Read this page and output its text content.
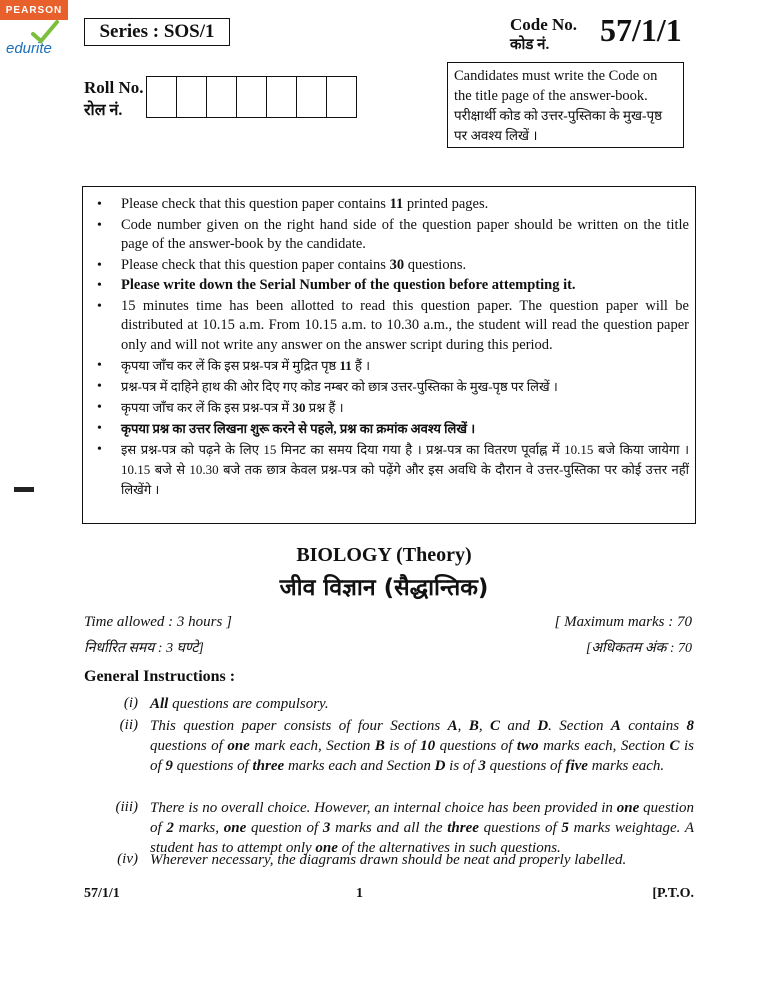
PEARSON
edurite
Series : SOS/1	Code No.
कोड नं. 57/1/1
Roll No.
रोल नं.
Candidates must write the Code on
the title page of the answer-book.
परीक्षार्थी कोड को उत्तर-पुस्तिका के मुख-पृष्ठ
पर अवश्य लिखें ।
• Please check that this question paper contains 11 printed pages.
• Code number given on the right hand side of the question paper should be written on the title page of the answer-book by the candidate.
• Please check that this question paper contains 30 questions.
• Please write down the Serial Number of the question before attempting it.
• 15 minutes time has been allotted to read this question paper. The question paper will be distributed at 10.15 a.m. From 10.15 a.m. to 10.30 a.m., the student will read the question paper only and will not write any answer on the answer script during this period.
• कृपया जाँच कर लें कि इस प्रश्न-पत्र में मुद्रित पृष्ठ 11 हैं ।
• प्रश्न-पत्र में दाहिने हाथ की ओर दिए गए कोड नम्बर को छात्र उत्तर-पुस्तिका के मुख-पृष्ठ पर लिखें ।
• कृपया जाँच कर लें कि इस प्रश्न-पत्र में 30 प्रश्न हैं ।
• कृपया प्रश्न का उत्तर लिखना शुरू करने से पहले, प्रश्न का क्रमांक अवश्य लिखें ।
• इस प्रश्न-पत्र को पढ़ने के लिए 15 मिनट का समय दिया गया है । प्रश्न-पत्र का वितरण पूर्वाह्न में 10.15 बजे किया जायेगा । 10.15 बजे से 10.30 बजे तक छात्र केवल प्रश्न-पत्र को पढ़ेंगे और इस अवधि के दौरान वे उत्तर-पुस्तिका पर कोई उत्तर नहीं लिखेंगे ।
BIOLOGY (Theory)
जीव विज्ञान (सैद्धान्तिक)
Time allowed : 3 hours ]
निर्धारित समय : 3 घण्टे]
[ Maximum marks : 70
[अधिकतम अंक : 70
General Instructions :
(i) All questions are compulsory.
(ii) This question paper consists of four Sections A, B, C and D. Section A contains 8 questions of one mark each, Section B is of 10 questions of two marks each, Section C is of 9 questions of three marks each and Section D is of 3 questions of five marks each.
(iii) There is no overall choice. However, an internal choice has been provided in one question of 2 marks, one question of 3 marks and all the three questions of 5 marks weightage. A student has to attempt only one of the alternatives in such questions.
(iv) Wherever necessary, the diagrams drawn should be neat and properly labelled.
57/1/1	1	[P.T.O.
